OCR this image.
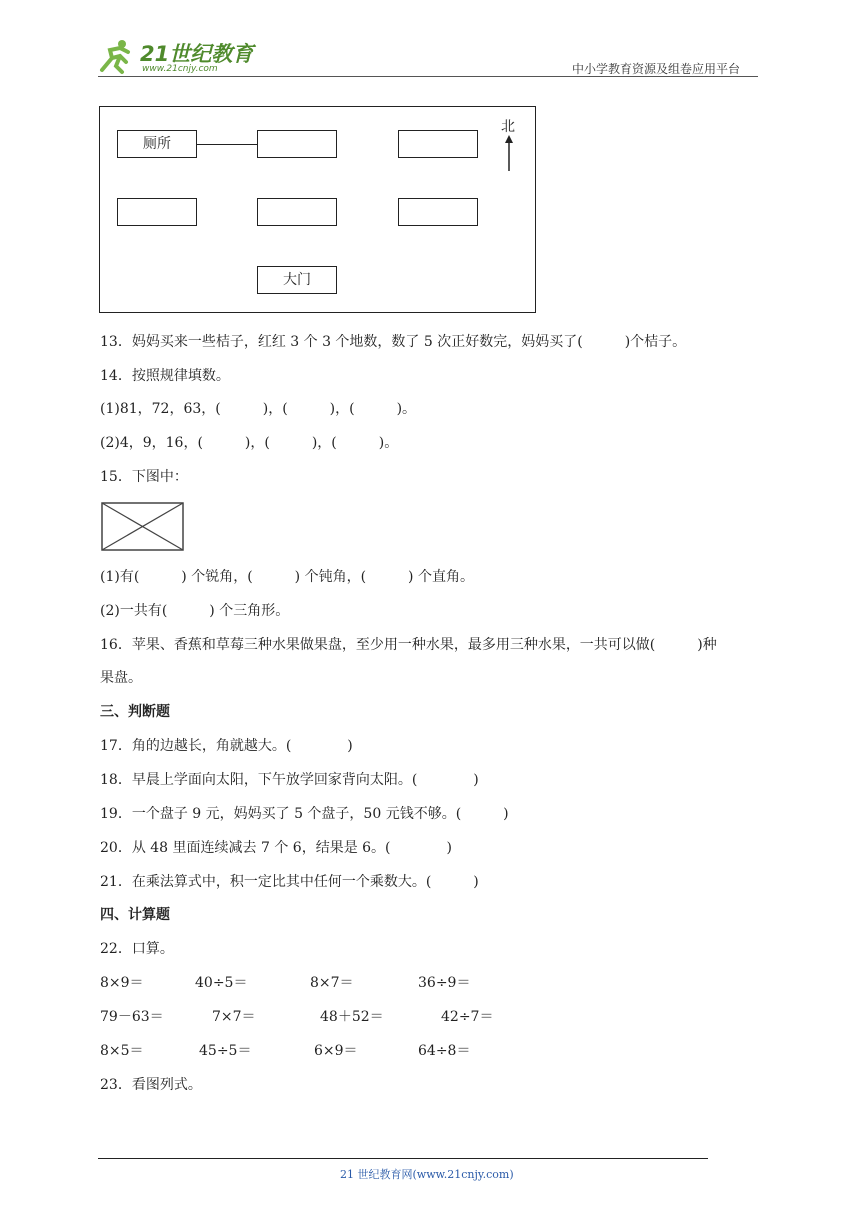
21世纪教育
www.21cnjy.com	中小学教育资源及组卷应用平台
厕所
大门
北
13．妈妈买来一些桔子，红红 3 个 3 个地数，数了 5 次正好数完，妈妈买了(　　　)个桔子。
14．按照规律填数。
(1)81，72，63，(　　　)，(　　　)，(　　　)。
(2)4，9，16，(　　　)，(　　　)，(　　　)。
15．下图中：
(1)有(　　　) 个锐角，(　　　) 个钝角，(　　　) 个直角。
(2)一共有(　　　) 个三角形。
16．苹果、香蕉和草莓三种水果做果盘，至少用一种水果，最多用三种水果，一共可以做(　　　)种
果盘。
三、判断题
17．角的边越长，角就越大。(　　　　)
18．早晨上学面向太阳，下午放学回家背向太阳。(　　　　)
19．一个盘子 9 元，妈妈买了 5 个盘子，50 元钱不够。(　　　)
20．从 48 里面连续减去 7 个 6，结果是 6。(　　　　)
21．在乘法算式中，积一定比其中任何一个乘数大。(　　　)
四、计算题
22．口算。
8×9＝	40÷5＝	8×7＝	36÷9＝
79－63＝	7×7＝	48＋52＝	42÷7＝
8×5＝	45÷5＝	6×9＝	64÷8＝
23．看图列式。
21 世纪教育网(www.21cnjy.com)
